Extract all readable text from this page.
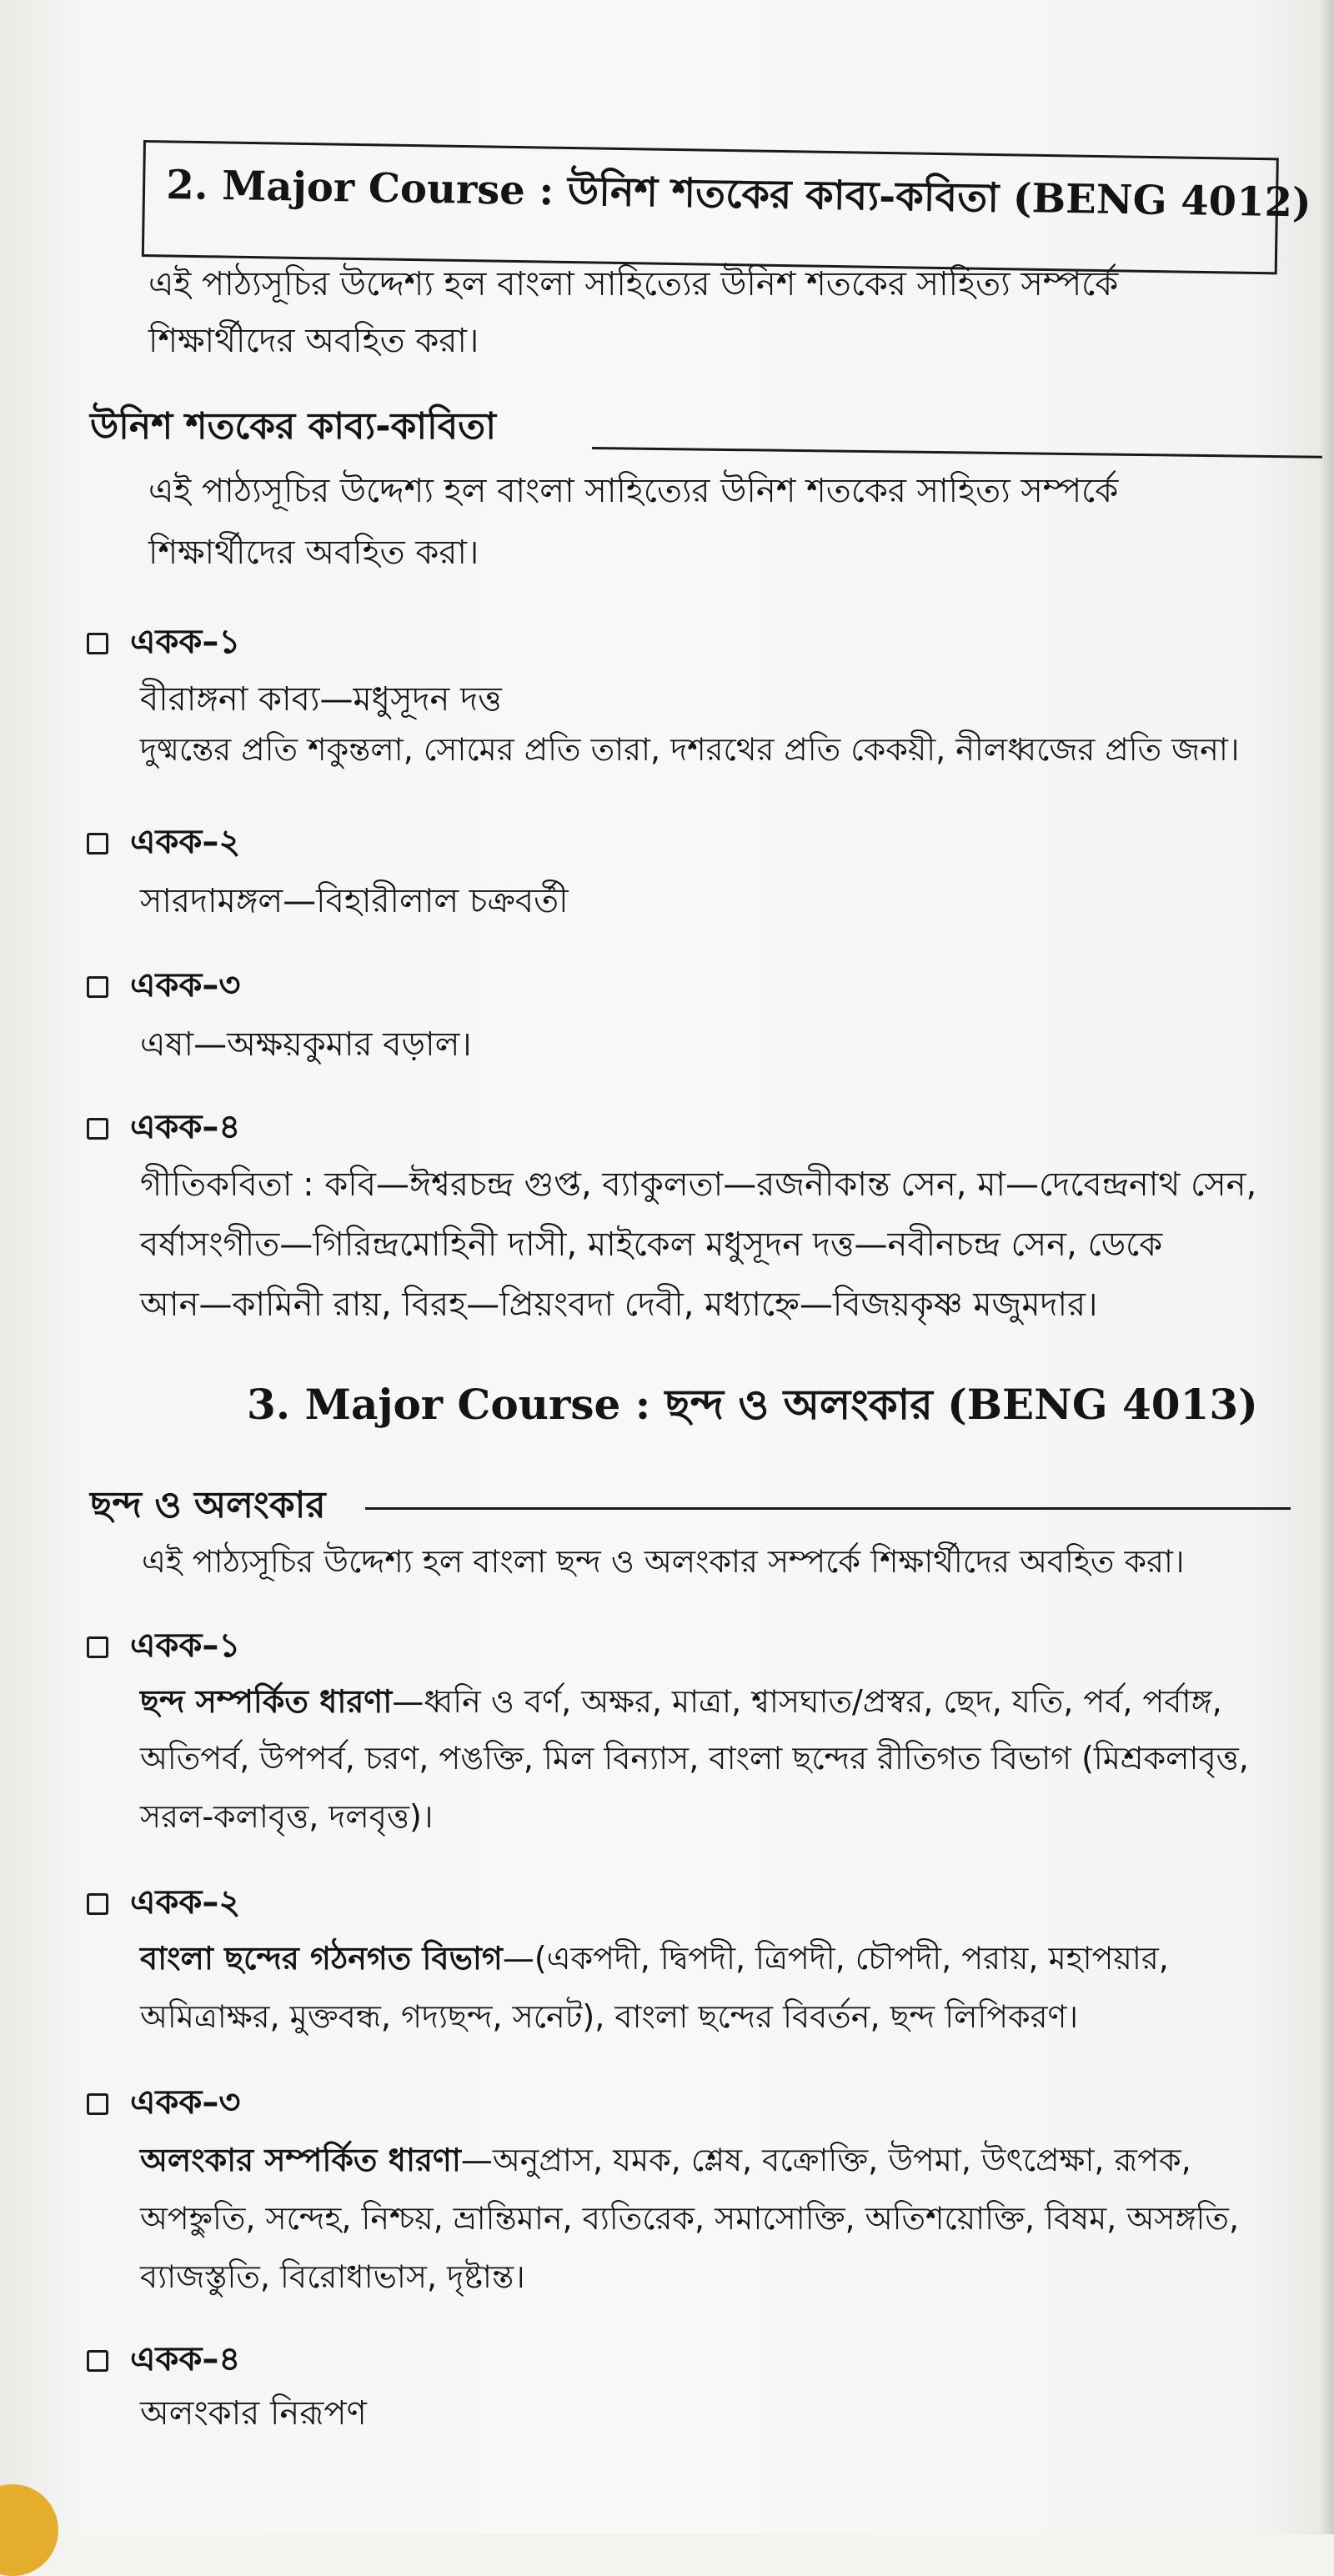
2. Major Course : উনিশ শতকের কাব্য-কবিতা (BENG 4012)
এই পাঠ্যসূচির উদ্দেশ্য হল বাংলা সাহিত্যের উনিশ শতকের সাহিত্য সম্পর্কে
শিক্ষার্থীদের অবহিত করা।
উনিশ শতকের কাব্য-কাবিতা
এই পাঠ্যসূচির উদ্দেশ্য হল বাংলা সাহিত্যের উনিশ শতকের সাহিত্য সম্পর্কে
শিক্ষার্থীদের অবহিত করা।
একক–১
বীরাঙ্গনা কাব্য—মধুসূদন দত্ত
দুষ্মন্তের প্রতি শকুন্তলা, সোমের প্রতি তারা, দশরথের প্রতি কেকয়ী, নীলধ্বজের প্রতি জনা।
একক–২
সারদামঙ্গল—বিহারীলাল চক্রবর্তী
একক–৩
এষা—অক্ষয়কুমার বড়াল।
একক–৪
গীতিকবিতা : কবি—ঈশ্বরচন্দ্র গুপ্ত, ব্যাকুলতা—রজনীকান্ত সেন, মা—দেবেন্দ্রনাথ সেন,
বর্ষাসংগীত—গিরিন্দ্রমোহিনী দাসী, মাইকেল মধুসূদন দত্ত—নবীনচন্দ্র সেন, ডেকে
আন—কামিনী রায়, বিরহ—প্রিয়ংবদা দেবী, মধ্যাহ্নে—বিজয়কৃষ্ণ মজুমদার।
3. Major Course : ছন্দ ও অলংকার (BENG 4013)
ছন্দ ও অলংকার
এই পাঠ্যসূচির উদ্দেশ্য হল বাংলা ছন্দ ও অলংকার সম্পর্কে শিক্ষার্থীদের অবহিত করা।
একক–১
ছন্দ সম্পর্কিত ধারণা—ধ্বনি ও বর্ণ, অক্ষর, মাত্রা, শ্বাসঘাত/প্রস্বর, ছেদ, যতি, পর্ব, পর্বাঙ্গ,
অতিপর্ব, উপপর্ব, চরণ, পঙক্তি, মিল বিন্যাস, বাংলা ছন্দের রীতিগত বিভাগ (মিশ্রকলাবৃত্ত,
সরল-কলাবৃত্ত, দলবৃত্ত)।
একক–২
বাংলা ছন্দের গঠনগত বিভাগ—(একপদী, দ্বিপদী, ত্রিপদী, চৌপদী, পরায়, মহাপয়ার,
অমিত্রাক্ষর, মুক্তবন্ধ, গদ্যছন্দ, সনেট), বাংলা ছন্দের বিবর্তন, ছন্দ লিপিকরণ।
একক–৩
অলংকার সম্পর্কিত ধারণা—অনুপ্রাস, যমক, শ্লেষ, বক্রোক্তি, উপমা, উৎপ্রেক্ষা, রূপক,
অপহ্নুতি, সন্দেহ, নিশ্চয়, ভ্রান্তিমান, ব্যতিরেক, সমাসোক্তি, অতিশয়োক্তি, বিষম, অসঙ্গতি,
ব্যাজস্তুতি, বিরোধাভাস, দৃষ্টান্ত।
একক–৪
অলংকার নিরূপণ
